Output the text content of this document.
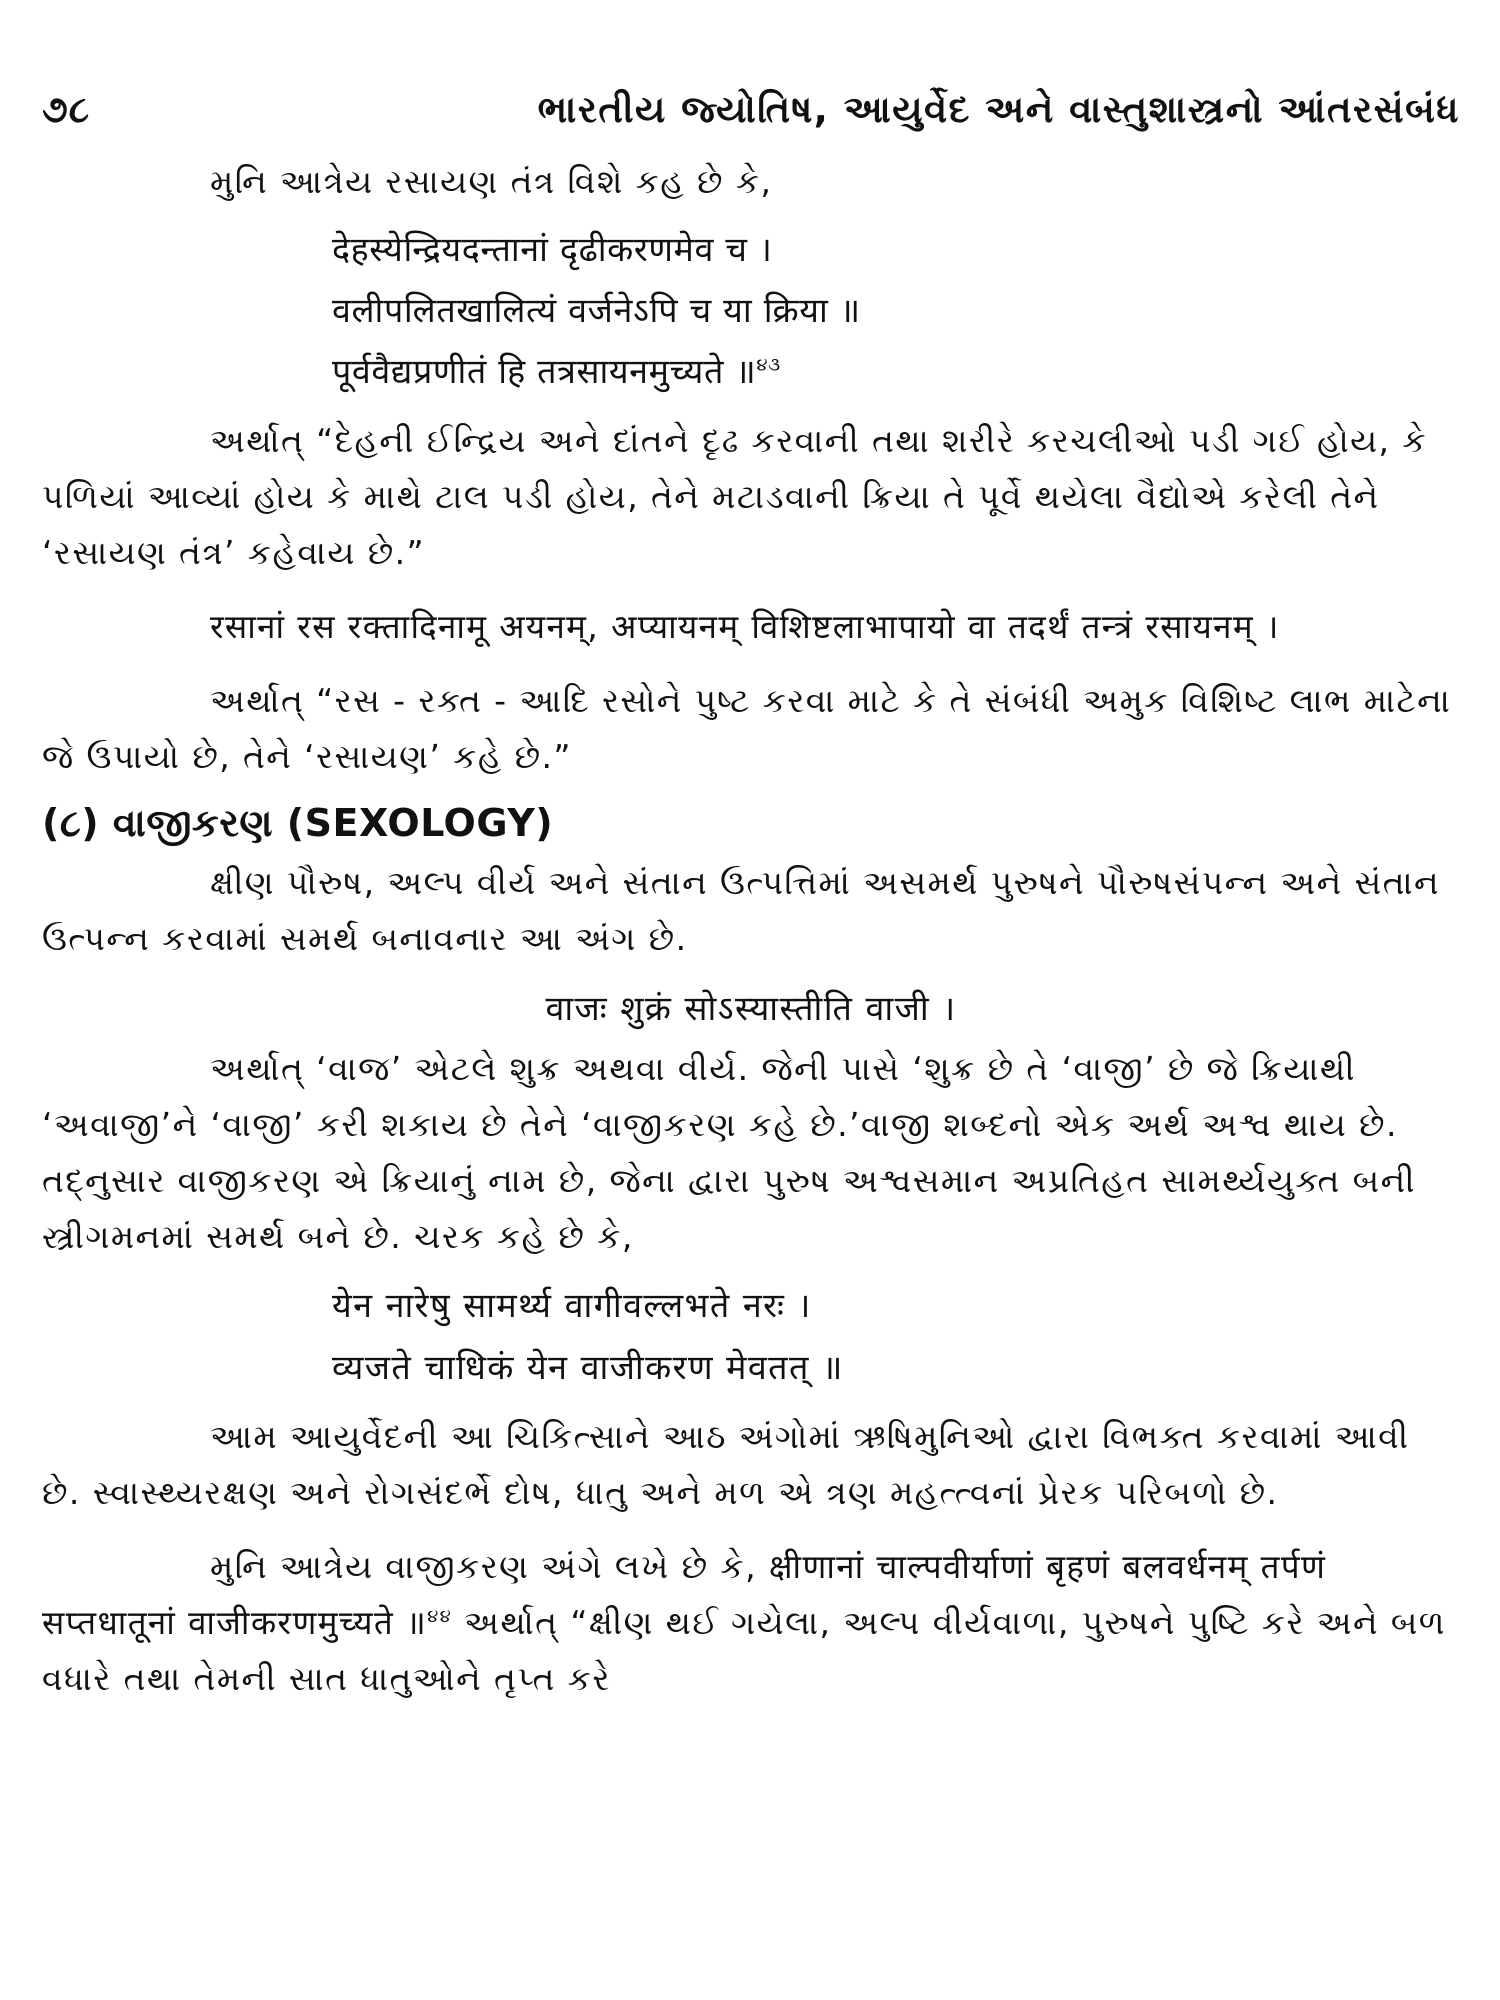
૭૮	ભારતીય જ્યોતિષ, આયુર્વેદ અને વાસ્તુશાસ્ત્રનો આંતરસંબંધ

મુનિ આત્રેય રસાયણ તંત્ર વિશે કહ છે કે,

देहस्येन्द्रियदन्तानां दृढीकरणमेव च ।

वलीपलितखालित्यं वर्जनेऽपि च या क्रिया ॥

पूर्ववैद्यप्रणीतं हि तत्रसायनमुच्यते ॥$^{૪૩}$

અર્થાત્ “દેહની ઈન્દ્રિય અને દાંતને દૃઢ કરવાની તથા શરીરે કરચલીઓ પડી ગઈ હોય, કે પળિયાં આવ્યાં હોય કે માથે ટાલ પડી હોય, તેને મટાડવાની ક્રિયા તે પૂર્વે થયેલા વૈદ્યોએ કરેલી તેને ‘રસાયણ તંત્ર’ કહેવાય છે.”

रसानां रस रक्तादिनामू अयनम्, अप्यायनम् विशिष्टलाभापायो वा तदर्थं तन्त्रं रसायनम् ।

અર્થાત્ “રસ - રક્ત - આદિ રસોને પુષ્ટ કરવા માટે કે તે સંબંધી અમુક વિશિષ્ટ લાભ માટેના જે ઉપાયો છે, તેને ‘રસાયણ’ કહે છે.”

(૮) વાજીકરણ (SEXOLOGY)

ક્ષીણ પૌરુષ, અલ્પ વીર્ય અને સંતાન ઉત્પત્તિમાં અસમર્થ પુરુષને પૌરુષસંપન્ન અને સંતાન ઉત્પન્ન કરવામાં સમર્થ બનાવનાર આ અંગ છે.

वाजः शुक्रं सोऽस्यास्तीति वाजी ।

અર્થાત્ ‘વાજ’ એટલે શુક્ર અથવા વીર્ય. જેની પાસે ‘શુક્ર છે તે ‘વાજી’ છે જે ક્રિયાથી ‘અવાજી’ને ‘વાજી’ કરી શકાય છે તેને ‘વાજીકરણ કહે છે.’વાજી શબ્દનો એક અર્થ અશ્વ થાય છે. તદ્નુસાર વાજીકરણ એ ક્રિયાનું નામ છે, જેના દ્વારા પુરુષ અશ્વસમાન અપ્રતિહત સામર્થ્યયુક્ત બની સ્ત્રીગમનમાં સમર્થ બને છે. ચરક કહે છે કે,

येन नारेषु सामर्थ्य वागीवल्लभते नरः ।

व्यजते चाधिकं येन वाजीकरण मेवतत् ॥

આમ આયુર્વેદની આ ચિકિત્સાને આઠ અંગોમાં ઋષિમુનિઓ દ્વારા વિભક્ત કરવામાં આવી છે. સ્વાસ્થ્યરક્ષણ અને રોગસંદર્ભે દોષ, ધાતુ અને મળ એ ત્રણ મહત્ત્વનાં પ્રેરક પરિબળો છે.

મુનિ આત્રેય વાજીકરણ અંગે લખે છે કે, क्षीणानां चाल्पवीर्याणां बृहणं बलवर्धनम् तर्पणं सप्तधातूनां वाजीकरणमुच्यते ॥$^{૪૪}$ અર્થાત્ “ક્ષીણ થઈ ગયેલા, અલ્પ વીર્યવાળા, પુરુષને પુષ્ટિ કરે અને બળ વધારે તથા તેમની સાત ધાતુઓને તૃપ્ત કરે
